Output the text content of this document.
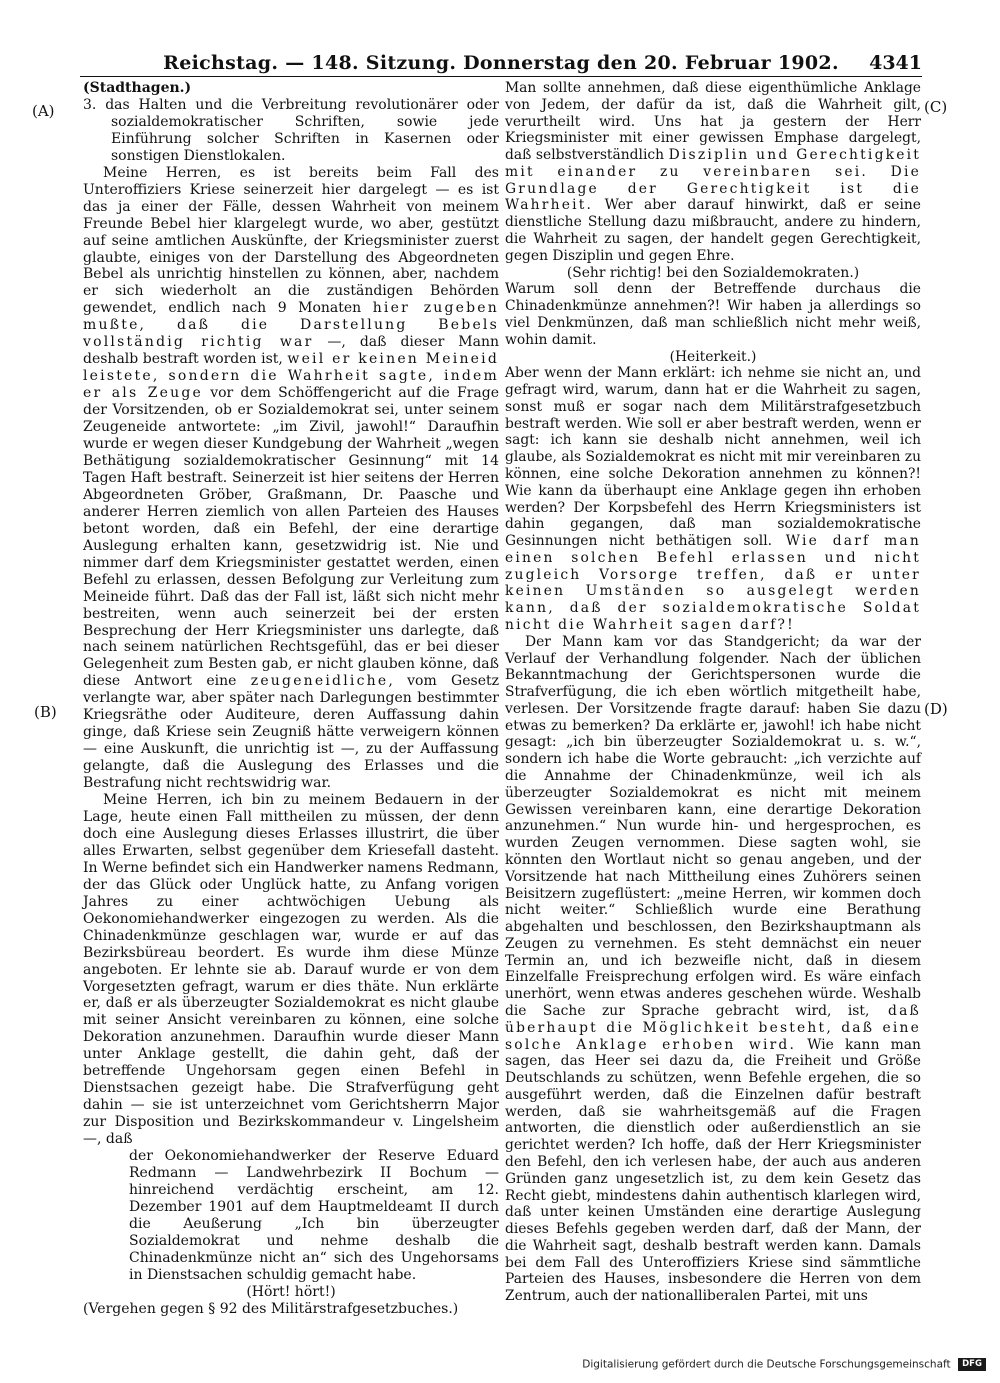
Reichstag. — 148. Sitzung. Donnerstag den 20. Februar 1902.	4341
(A)
(B)
(C)
(D)

(Stadthagen.)

3. das Halten und die Verbreitung revolutionärer oder sozialdemokratischer Schriften, sowie jede Einführung solcher Schriften in Kasernen oder sonstigen Dienstlokalen.

Meine Herren, es ist bereits beim Fall des Unteroffiziers Kriese seinerzeit hier dargelegt — es ist das ja einer der Fälle, dessen Wahrheit von meinem Freunde Bebel hier klargelegt wurde, wo aber, gestützt auf seine amtlichen Auskünfte, der Kriegsminister zuerst glaubte, einiges von der Darstellung des Abgeordneten Bebel als unrichtig hinstellen zu können, aber, nachdem er sich wiederholt an die zuständigen Behörden gewendet, endlich nach 9 Monaten hier zugeben mußte, daß die Darstellung Bebels vollständig richtig war —, daß dieser Mann deshalb bestraft worden ist, weil er keinen Meineid leistete, sondern die Wahrheit sagte, indem er als Zeuge vor dem Schöffengericht auf die Frage der Vorsitzenden, ob er Sozialdemokrat sei, unter seinem Zeugeneide antwortete: „im Zivil, jawohl!“ Daraufhin wurde er wegen dieser Kundgebung der Wahrheit „wegen Bethätigung sozialdemokratischer Gesinnung“ mit 14 Tagen Haft bestraft. Seinerzeit ist hier seitens der Herren Abgeordneten Gröber, Graßmann, Dr. Paasche und anderer Herren ziemlich von allen Parteien des Hauses betont worden, daß ein Befehl, der eine derartige Auslegung erhalten kann, gesetzwidrig ist. Nie und nimmer darf dem Kriegsminister gestattet werden, einen Befehl zu erlassen, dessen Befolgung zur Verleitung zum Meineide führt. Daß das der Fall ist, läßt sich nicht mehr bestreiten, wenn auch seinerzeit bei der ersten Besprechung der Herr Kriegsminister uns darlegte, daß nach seinem natürlichen Rechtsgefühl, das er bei dieser Gelegenheit zum Besten gab, er nicht glauben könne, daß diese Antwort eine zeugeneidliche, vom Gesetz verlangte war, aber später nach Darlegungen bestimmter Kriegsräthe oder Auditeure, deren Auffassung dahin ginge, daß Kriese sein Zeugniß hätte verweigern können — eine Auskunft, die unrichtig ist —, zu der Auffassung gelangte, daß die Auslegung des Erlasses und die Bestrafung nicht rechtswidrig war.

Meine Herren, ich bin zu meinem Bedauern in der Lage, heute einen Fall mittheilen zu müssen, der denn doch eine Auslegung dieses Erlasses illustrirt, die über alles Erwarten, selbst gegenüber dem Kriesefall dasteht. In Werne befindet sich ein Handwerker namens Redmann, der das Glück oder Unglück hatte, zu Anfang vorigen Jahres zu einer achtwöchigen Uebung als Oekonomiehandwerker eingezogen zu werden. Als die Chinadenkmünze geschlagen war, wurde er auf das Bezirksbüreau beordert. Es wurde ihm diese Münze angeboten. Er lehnte sie ab. Darauf wurde er von dem Vorgesetzten gefragt, warum er dies thäte. Nun erklärte er, daß er als überzeugter Sozialdemokrat es nicht glaube mit seiner Ansicht vereinbaren zu können, eine solche Dekoration anzunehmen. Daraufhin wurde dieser Mann unter Anklage gestellt, die dahin geht, daß der betreffende Ungehorsam gegen einen Befehl in Dienstsachen gezeigt habe. Die Strafverfügung geht dahin — sie ist unterzeichnet vom Gerichtsherrn Major zur Disposition und Bezirkskommandeur v. Lingelsheim —, daß

der Oekonomiehandwerker der Reserve Eduard Redmann — Landwehrbezirk II Bochum — hinreichend verdächtig erscheint, am 12. Dezember 1901 auf dem Hauptmeldeamt II durch die Aeußerung „Ich bin überzeugter Sozialdemokrat und nehme deshalb die Chinadenkmünze nicht an“ sich des Ungehorsams in Dienstsachen schuldig gemacht habe.

(Hört! hört!)

(Vergehen gegen § 92 des Militärstrafgesetzbuches.)

Man sollte annehmen, daß diese eigenthümliche Anklage von Jedem, der dafür da ist, daß die Wahrheit gilt, verurtheilt wird. Uns hat ja gestern der Herr Kriegsminister mit einer gewissen Emphase dargelegt, daß selbstverständlich Disziplin und Gerechtigkeit mit einander zu vereinbaren sei. Die Grundlage der Gerechtigkeit ist die Wahrheit. Wer aber darauf hinwirkt, daß er seine dienstliche Stellung dazu mißbraucht, andere zu hindern, die Wahrheit zu sagen, der handelt gegen Gerechtigkeit, gegen Disziplin und gegen Ehre.

(Sehr richtig! bei den Sozialdemokraten.)

Warum soll denn der Betreffende durchaus die Chinadenkmünze annehmen?! Wir haben ja allerdings so viel Denkmünzen, daß man schließlich nicht mehr weiß, wohin damit.

(Heiterkeit.)

Aber wenn der Mann erklärt: ich nehme sie nicht an, und gefragt wird, warum, dann hat er die Wahrheit zu sagen, sonst muß er sogar nach dem Militärstrafgesetzbuch bestraft werden. Wie soll er aber bestraft werden, wenn er sagt: ich kann sie deshalb nicht annehmen, weil ich glaube, als Sozialdemokrat es nicht mit mir vereinbaren zu können, eine solche Dekoration annehmen zu können?! Wie kann da überhaupt eine Anklage gegen ihn erhoben werden? Der Korpsbefehl des Herrn Kriegsministers ist dahin gegangen, daß man sozialdemokratische Gesinnungen nicht bethätigen soll. Wie darf man einen solchen Befehl erlassen und nicht zugleich Vorsorge treffen, daß er unter keinen Umständen so ausgelegt werden kann, daß der sozialdemokratische Soldat nicht die Wahrheit sagen darf?!

Der Mann kam vor das Standgericht; da war der Verlauf der Verhandlung folgender. Nach der üblichen Bekanntmachung der Gerichtspersonen wurde die Strafverfügung, die ich eben wörtlich mitgetheilt habe, verlesen. Der Vorsitzende fragte darauf: haben Sie dazu etwas zu bemerken? Da erklärte er, jawohl! ich habe nicht gesagt: „ich bin überzeugter Sozialdemokrat u. s. w.“, sondern ich habe die Worte gebraucht: „ich verzichte auf die Annahme der Chinadenkmünze, weil ich als überzeugter Sozialdemokrat es nicht mit meinem Gewissen vereinbaren kann, eine derartige Dekoration anzunehmen.“ Nun wurde hin- und hergesprochen, es wurden Zeugen vernommen. Diese sagten wohl, sie könnten den Wortlaut nicht so genau angeben, und der Vorsitzende hat nach Mittheilung eines Zuhörers seinen Beisitzern zugeflüstert: „meine Herren, wir kommen doch nicht weiter.“ Schließlich wurde eine Berathung abgehalten und beschlossen, den Bezirkshauptmann als Zeugen zu vernehmen. Es steht demnächst ein neuer Termin an, und ich bezweifle nicht, daß in diesem Einzelfalle Freisprechung erfolgen wird. Es wäre einfach unerhört, wenn etwas anderes geschehen würde. Weshalb die Sache zur Sprache gebracht wird, ist, daß überhaupt die Möglichkeit besteht, daß eine solche Anklage erhoben wird. Wie kann man sagen, das Heer sei dazu da, die Freiheit und Größe Deutschlands zu schützen, wenn Befehle ergehen, die so ausgeführt werden, daß die Einzelnen dafür bestraft werden, daß sie wahrheitsgemäß auf die Fragen antworten, die dienstlich oder außerdienstlich an sie gerichtet werden? Ich hoffe, daß der Herr Kriegsminister den Befehl, den ich verlesen habe, der auch aus anderen Gründen ganz ungesetzlich ist, zu dem kein Gesetz das Recht giebt, mindestens dahin authentisch klarlegen wird, daß unter keinen Umständen eine derartige Auslegung dieses Befehls gegeben werden darf, daß der Mann, der die Wahrheit sagt, deshalb bestraft werden kann. Damals bei dem Fall des Unteroffiziers Kriese sind sämmtliche Parteien des Hauses, insbesondere die Herren von dem Zentrum, auch der nationalliberalen Partei, mit uns

Digitalisierung gefördert durch die Deutsche Forschungsgemeinschaft DFG
